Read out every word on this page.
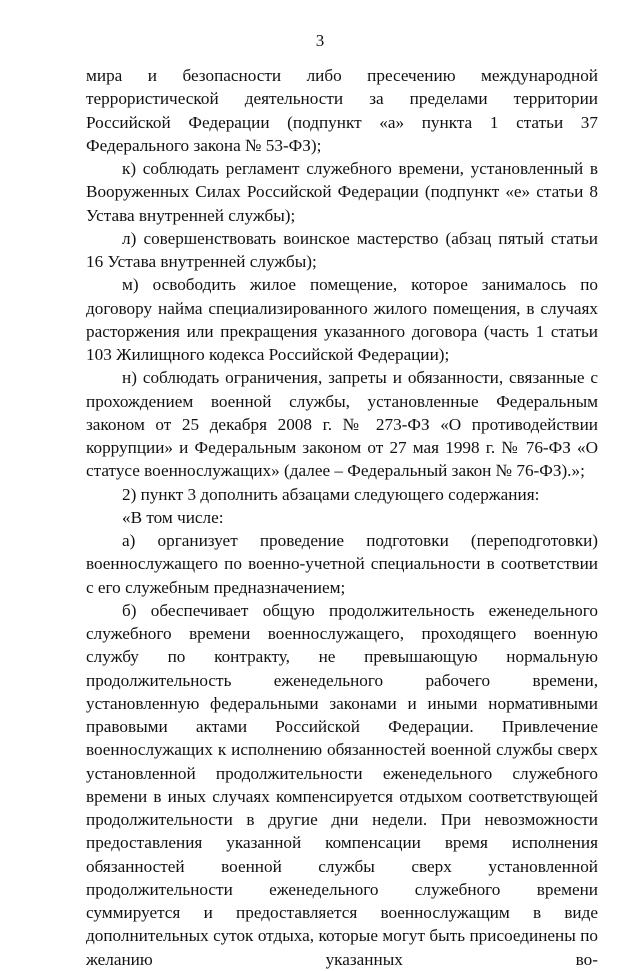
3

мира и безопасности либо пресечению международной террористической деятельности за пределами территории Российской Федерации (подпункт «а» пункта 1 статьи 37 Федерального закона № 53-ФЗ);

к) соблюдать регламент служебного времени, установленный в Вооруженных Силах Российской Федерации (подпункт «е» статьи 8 Устава внутренней службы);

л) совершенствовать воинское мастерство (абзац пятый статьи 16 Устава внутренней службы);

м) освободить жилое помещение, которое занималось по договору найма специализированного жилого помещения, в случаях расторжения или прекращения указанного договора (часть 1 статьи 103 Жилищного кодекса Российской Федерации);

н) соблюдать ограничения, запреты и обязанности, связанные с прохождением военной службы, установленные Федеральным законом от 25 декабря 2008 г. № 273-ФЗ «О противодействии коррупции» и Федеральным законом от 27 мая 1998 г. № 76-ФЗ «О статусе военнослужащих» (далее – Федеральный закон № 76-ФЗ).»;

2) пункт 3 дополнить абзацами следующего содержания:

«В том числе:

а) организует проведение подготовки (переподготовки) военнослужащего по военно-учетной специальности в соответствии с его служебным предназначением;

б) обеспечивает общую продолжительность еженедельного служебного времени военнослужащего, проходящего военную службу по контракту, не превышающую нормальную продолжительность еженедельного рабочего времени, установленную федеральными законами и иными нормативными правовыми актами Российской Федерации. Привлечение военнослужащих к исполнению обязанностей военной службы сверх установленной продолжительности еженедельного служебного времени в иных случаях компенсируется отдыхом соответствующей продолжительности в другие дни недели. При невозможности предоставления указанной компенсации время исполнения обязанностей военной службы сверх установленной продолжительности еженедельного служебного времени суммируется и предоставляется военнослужащим в виде дополнительных суток отдыха, которые могут быть присоединены по желанию указанных во-
